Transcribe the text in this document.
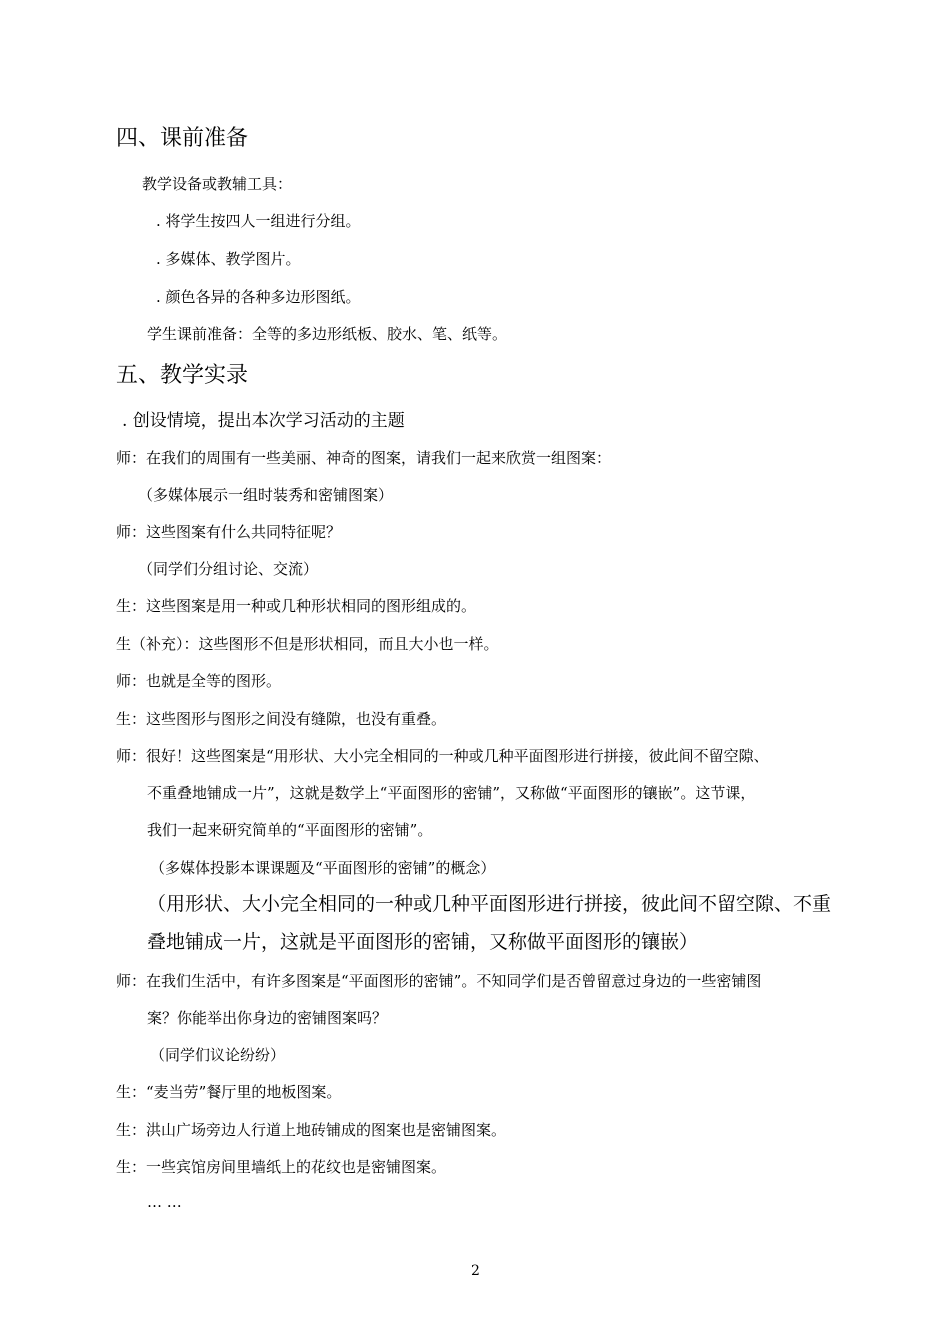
四、课前准备
教学设备或教辅工具：
. 将学生按四人一组进行分组。
. 多媒体、教学图片。
. 颜色各异的各种多边形图纸。
学生课前准备：全等的多边形纸板、胶水、笔、纸等。
五、教学实录
. 创设情境，提出本次学习活动的主题
师：在我们的周围有一些美丽、神奇的图案，请我们一起来欣赏一组图案：
（多媒体展示一组时装秀和密铺图案）
师：这些图案有什么共同特征呢？
（同学们分组讨论、交流）
生：这些图案是用一种或几种形状相同的图形组成的。
生（补充）：这些图形不但是形状相同，而且大小也一样。
师：也就是全等的图形。
生：这些图形与图形之间没有缝隙，也没有重叠。
师：很好！这些图案是“用形状、大小完全相同的一种或几种平面图形进行拼接，彼此间不留空隙、
不重叠地铺成一片”，这就是数学上“平面图形的密铺”，又称做“平面图形的镶嵌”。这节课，
我们一起来研究简单的“平面图形的密铺”。
（多媒体投影本课课题及“平面图形的密铺”的概念）
（用形状、大小完全相同的一种或几种平面图形进行拼接，彼此间不留空隙、不重
叠地铺成一片，这就是平面图形的密铺，又称做平面图形的镶嵌）
师：在我们生活中，有许多图案是“平面图形的密铺”。不知同学们是否曾留意过身边的一些密铺图
案？你能举出你身边的密铺图案吗？
（同学们议论纷纷）
生：“麦当劳”餐厅里的地板图案。
生：洪山广场旁边人行道上地砖铺成的图案也是密铺图案。
生：一些宾馆房间里墙纸上的花纹也是密铺图案。
… …
2
